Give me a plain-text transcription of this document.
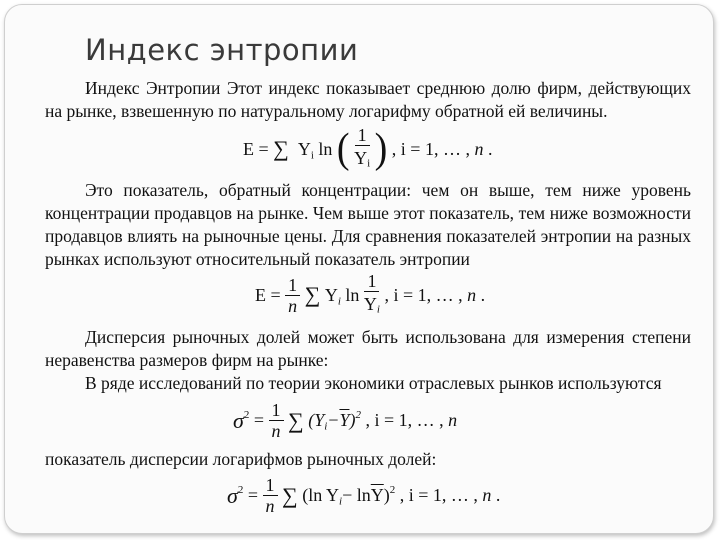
Индекс энтропии
Индекс Энтропии Этот индекс показывает среднюю долю фирм, действующих на рынке, взвешенную по натуральному логарифму обратной ей величины.
E = ∑ $Y_i$ ln ( $\frac{1}{Y_i}$ ) , i = 1, … , n .
Это показатель, обратный концентрации: чем он выше, тем ниже уровень концентрации продавцов на рынке. Чем выше этот показатель, тем ниже возможности продавцов влиять на рыночные цены. Для сравнения показателей энтропии на разных рынках используют относительный показатель энтропии
$E = \frac{1}{n}$ ∑ $Y_i$ $\ln \frac{1}{Y_i}$ , i = 1, … , n .
Дисперсия рыночных долей может быть использована для измерения степени неравенства размеров фирм на рынке:
В ряде исследований по теории экономики отраслевых рынков используются
$\sigma^2 = \frac{1}{n}$ ∑ $(Y_i-\overline{Y})^2$ , i = 1, … , n
показатель дисперсии логарифмов рыночных долей:
$\sigma^2 = \frac{1}{n}$ ∑ (ln $Y_i- \ln\overline{Y})^2$ , i = 1, … , n .
